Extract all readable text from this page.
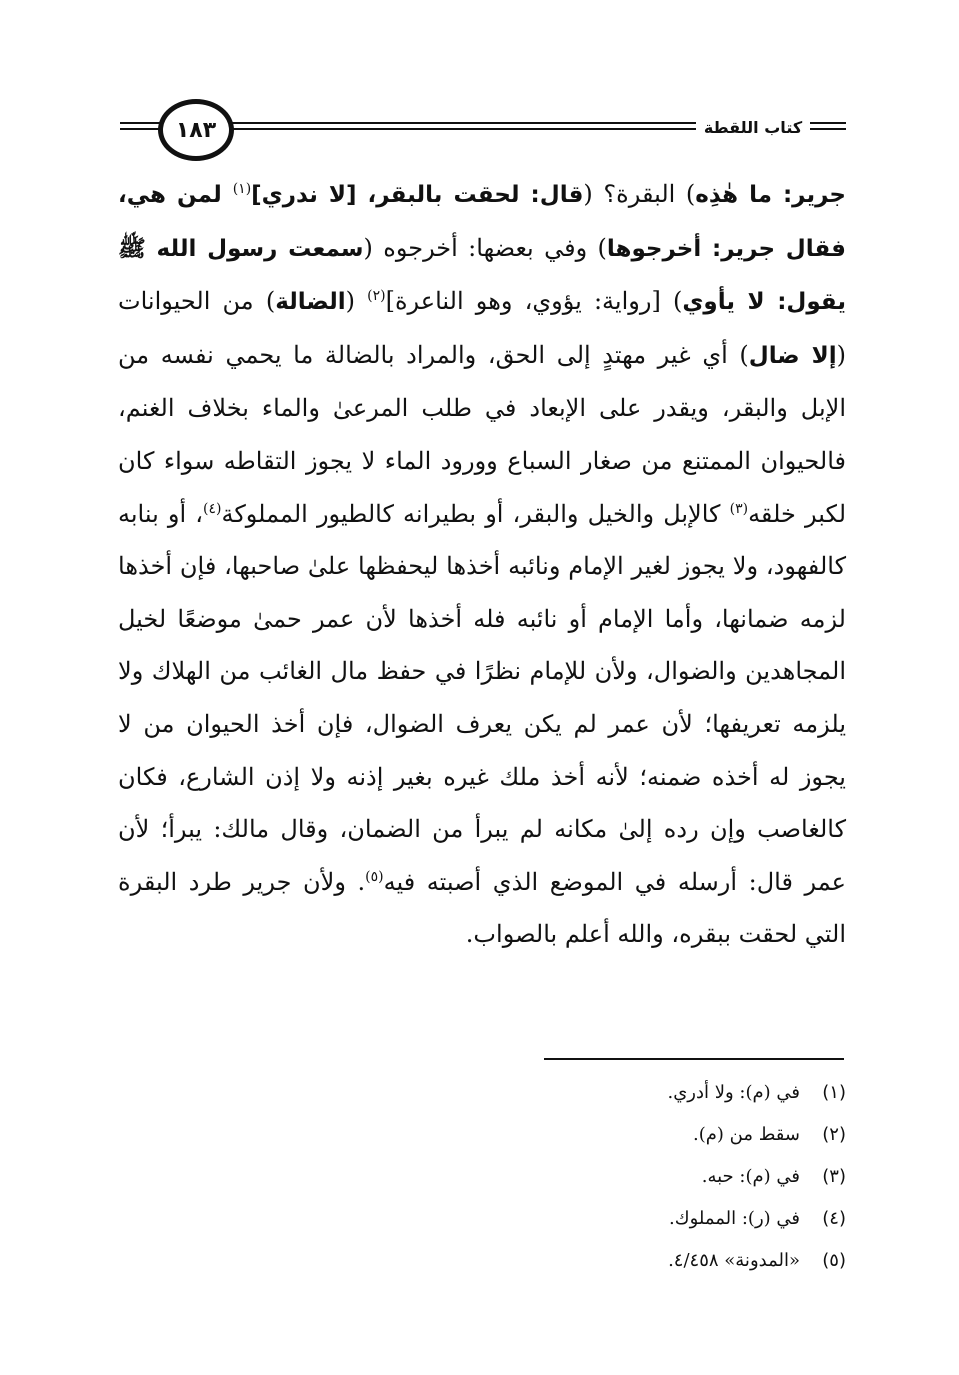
١٨٣	كتاب اللقطة
جرير: ما هٰذِه) البقرة؟ (قال: لحقت بالبقر، [لا ندري]$^{(١)}$ لمن هي، فقال جرير: أخرجوها) وفي بعضها: أخرجوه (سمعت رسول الله ﷺ يقول: لا يأوي) [رواية: يؤوي، وهو الناعرة]$^{(٢)}$ (الضالة) من الحيوانات (إلا ضال) أي غير مهتدٍ إلى الحق، والمراد بالضالة ما يحمي نفسه من الإبل والبقر، ويقدر على الإبعاد في طلب المرعىٰ والماء بخلاف الغنم، فالحيوان الممتنع من صغار السباع وورود الماء لا يجوز التقاطه سواء كان لكبر خلقه$^{(٣)}$ كالإبل والخيل والبقر، أو بطيرانه كالطيور المملوكة$^{(٤)}$، أو بنابه كالفهود، ولا يجوز لغير الإمام ونائبه أخذها ليحفظها علىٰ صاحبها، فإن أخذها لزمه ضمانها، وأما الإمام أو نائبه فله أخذها لأن عمر حمىٰ موضعًا لخيل المجاهدين والضوال، ولأن للإمام نظرًا في حفظ مال الغائب من الهلاك ولا يلزمه تعريفها؛ لأن عمر لم يكن يعرف الضوال، فإن أخذ الحيوان من لا يجوز له أخذه ضمنه؛ لأنه أخذ ملك غيره بغير إذنه ولا إذن الشارع، فكان كالغاصب وإن رده إلىٰ مكانه لم يبرأ من الضمان، وقال مالك: يبرأ؛ لأن عمر قال: أرسله في الموضع الذي أصبته فيه$^{(٥)}$. ولأن جرير طرد البقرة التي لحقت ببقره، والله أعلم بالصواب.
(١)في (م): ولا أدري.
(٢)سقط من (م).
(٣)في (م): حبه.
(٤)في (ر): المملوك.
(٥)«المدونة» ٤/٤٥٨.
